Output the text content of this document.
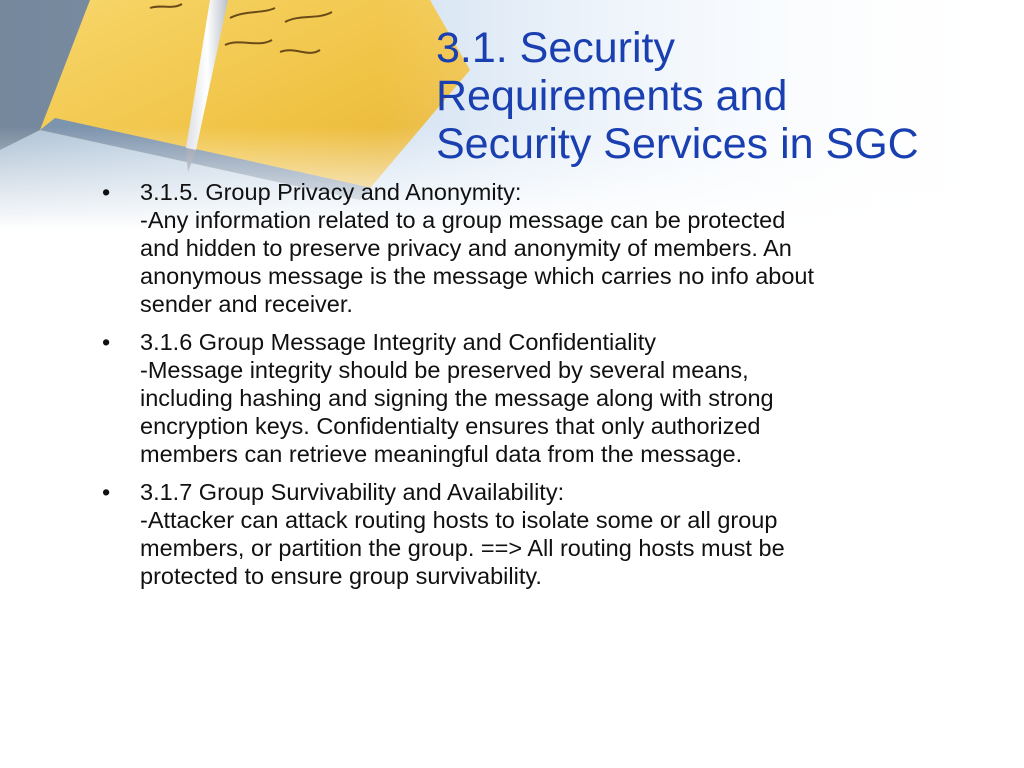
3.1. Security
Requirements and
Security Services in SGC
• 3.1.5. Group Privacy and Anonymity:
-Any information related to a group message can be protected
and hidden to preserve privacy and anonymity of members. An
anonymous message is the message which carries no info about
sender and receiver.
• 3.1.6 Group Message Integrity and Confidentiality
-Message integrity should be preserved by several means,
including hashing and signing the message along with strong
encryption keys. Confidentialty ensures that only authorized
members can retrieve meaningful data from the message.
• 3.1.7 Group Survivability and Availability:
-Attacker can attack routing hosts to isolate some or all group
members, or partition the group. ==> All routing hosts must be
protected to ensure group survivability.
